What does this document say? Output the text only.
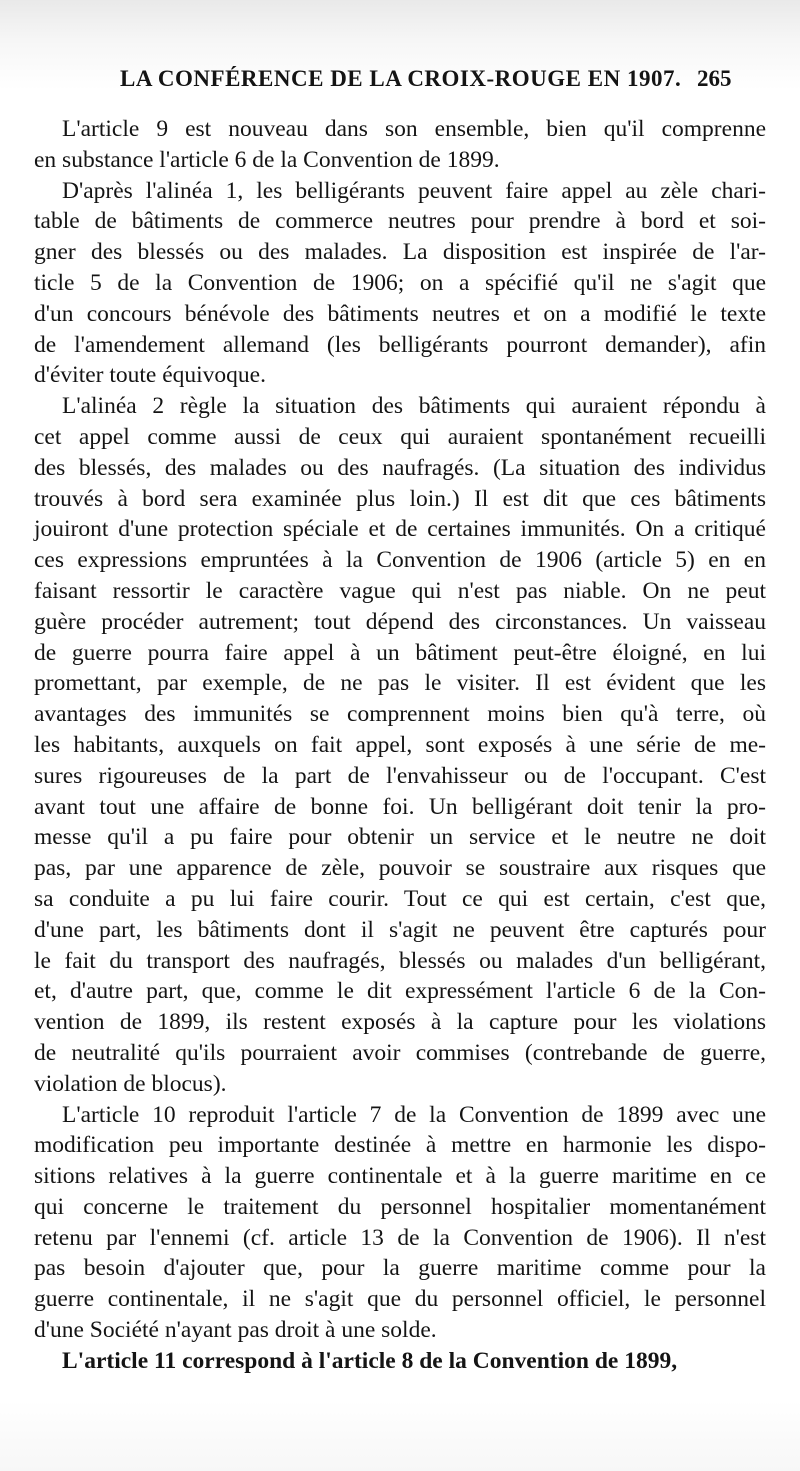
LA CONFÉRENCE DE LA CROIX-ROUGE EN 1907. 265
L'article 9 est nouveau dans son ensemble, bien qu'il comprenne
en substance l'article 6 de la Convention de 1899.
D'après l'alinéa 1, les belligérants peuvent faire appel au zèle chari-
table de bâtiments de commerce neutres pour prendre à bord et soi-
gner des blessés ou des malades. La disposition est inspirée de l'ar-
ticle 5 de la Convention de 1906; on a spécifié qu'il ne s'agit que
d'un concours bénévole des bâtiments neutres et on a modifié le texte
de l'amendement allemand (les belligérants pourront demander), afin
d'éviter toute équivoque.
L'alinéa 2 règle la situation des bâtiments qui auraient répondu à
cet appel comme aussi de ceux qui auraient spontanément recueilli
des blessés, des malades ou des naufragés. (La situation des individus
trouvés à bord sera examinée plus loin.) Il est dit que ces bâtiments
jouiront d'une protection spéciale et de certaines immunités. On a critiqué
ces expressions empruntées à la Convention de 1906 (article 5) en en
faisant ressortir le caractère vague qui n'est pas niable. On ne peut
guère procéder autrement; tout dépend des circonstances. Un vaisseau
de guerre pourra faire appel à un bâtiment peut-être éloigné, en lui
promettant, par exemple, de ne pas le visiter. Il est évident que les
avantages des immunités se comprennent moins bien qu'à terre, où
les habitants, auxquels on fait appel, sont exposés à une série de me-
sures rigoureuses de la part de l'envahisseur ou de l'occupant. C'est
avant tout une affaire de bonne foi. Un belligérant doit tenir la pro-
messe qu'il a pu faire pour obtenir un service et le neutre ne doit
pas, par une apparence de zèle, pouvoir se soustraire aux risques que
sa conduite a pu lui faire courir. Tout ce qui est certain, c'est que,
d'une part, les bâtiments dont il s'agit ne peuvent être capturés pour
le fait du transport des naufragés, blessés ou malades d'un belligérant,
et, d'autre part, que, comme le dit expressément l'article 6 de la Con-
vention de 1899, ils restent exposés à la capture pour les violations
de neutralité qu'ils pourraient avoir commises (contrebande de guerre,
violation de blocus).
L'article 10 reproduit l'article 7 de la Convention de 1899 avec une
modification peu importante destinée à mettre en harmonie les dispo-
sitions relatives à la guerre continentale et à la guerre maritime en ce
qui concerne le traitement du personnel hospitalier momentanément
retenu par l'ennemi (cf. article 13 de la Convention de 1906). Il n'est
pas besoin d'ajouter que, pour la guerre maritime comme pour la
guerre continentale, il ne s'agit que du personnel officiel, le personnel
d'une Société n'ayant pas droit à une solde.
L'article 11 correspond à l'article 8 de la Convention de 1899,
